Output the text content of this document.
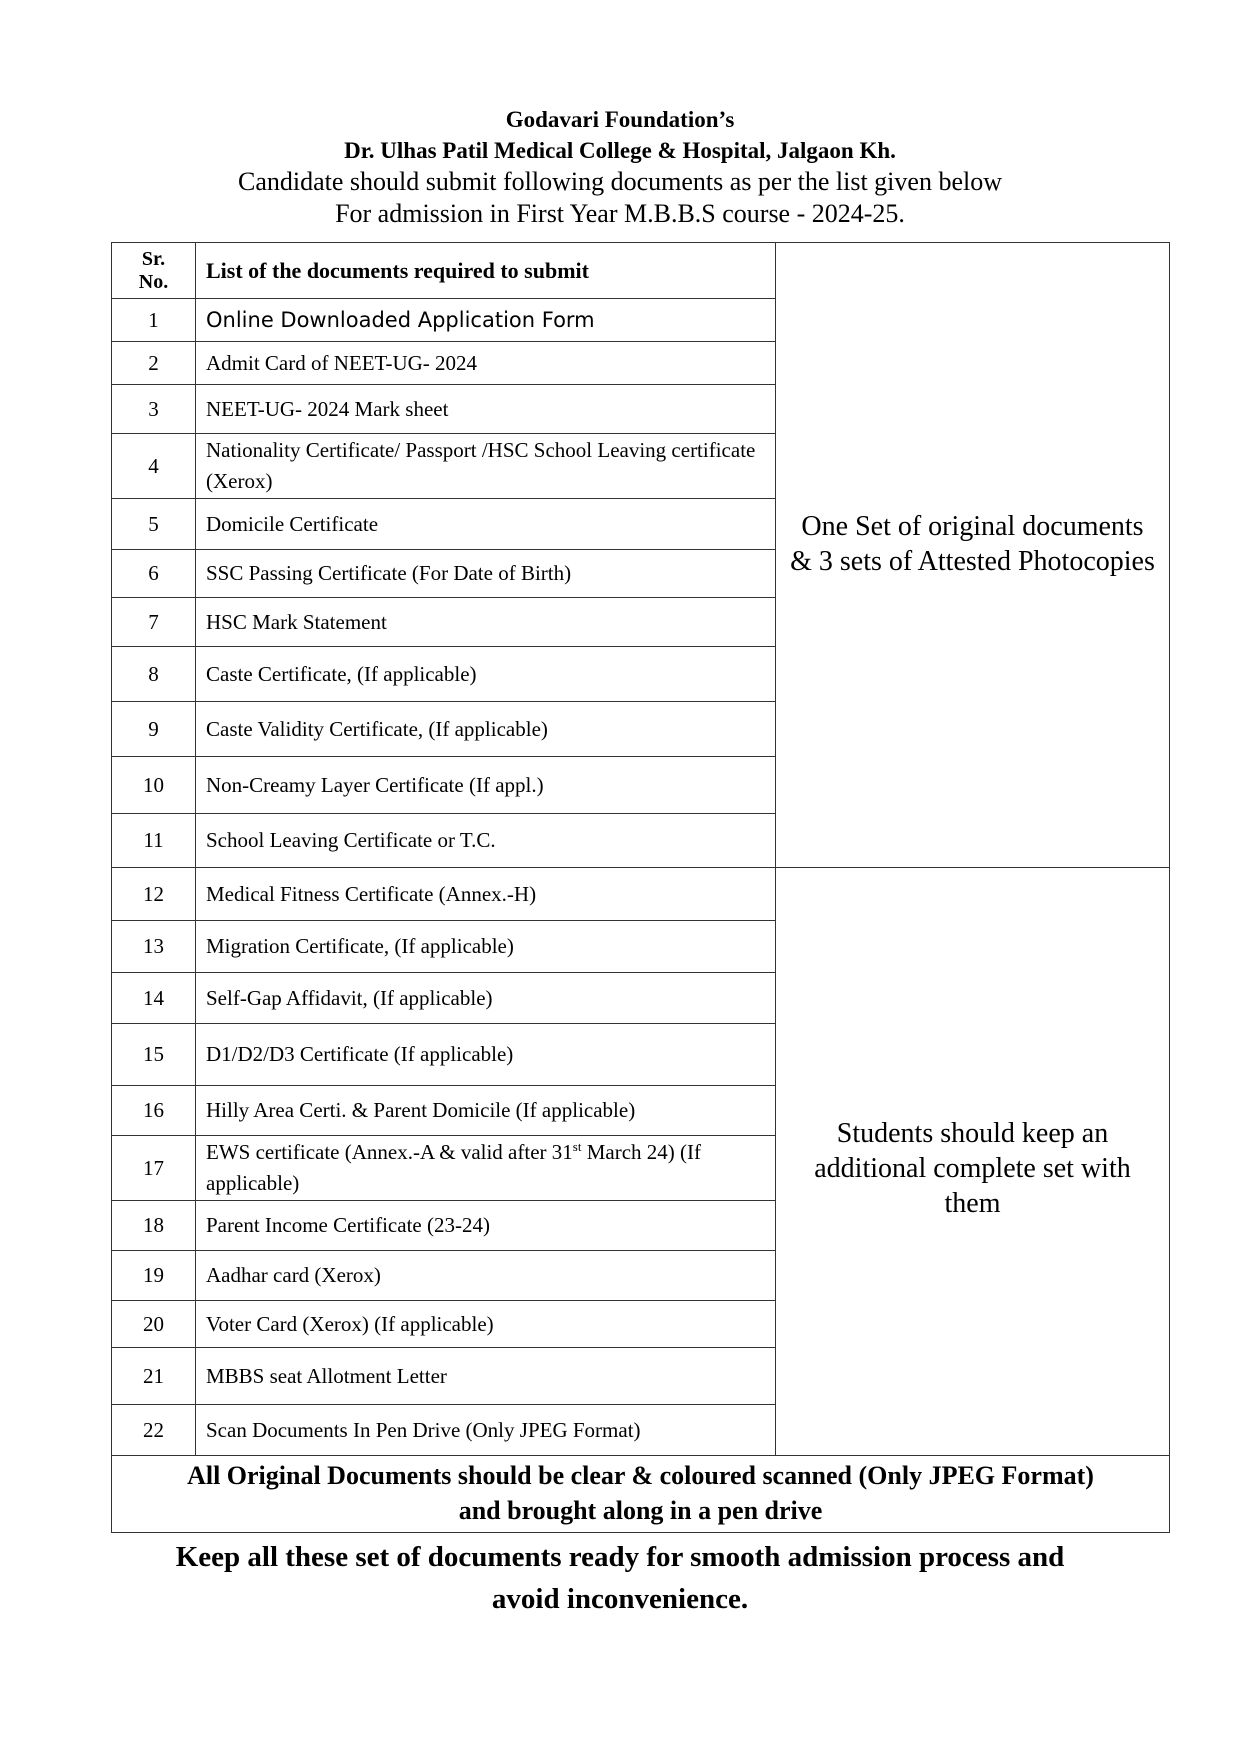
Godavari Foundation’s
Dr. Ulhas Patil Medical College & Hospital, Jalgaon Kh.
Candidate should submit following documents as per the list given below
For admission in First Year M.B.B.S course - 2024-25.
Sr.
No.	List of the documents required to submit	One Set of original documents & 3 sets of Attested Photocopies
1	Online Downloaded Application Form	
2	Admit Card of NEET-UG- 2024	
3	NEET-UG- 2024 Mark sheet	
4	Nationality Certificate/ Passport /HSC School Leaving certificate (Xerox)	
5	Domicile Certificate	
6	SSC Passing Certificate (For Date of Birth)	
7	HSC Mark Statement	
8	Caste Certificate, (If applicable)	
9	Caste Validity Certificate, (If applicable)	
10	Non-Creamy Layer Certificate (If appl.)	
11	School Leaving Certificate or T.C.	
12	Medical Fitness Certificate (Annex.-H)	Students should keep an additional complete set with them
13	Migration Certificate, (If applicable)	
14	Self-Gap Affidavit, (If applicable)	
15	D1/D2/D3 Certificate (If applicable)	
16	Hilly Area Certi. & Parent Domicile (If applicable)	
17	EWS certificate (Annex.-A & valid after 31st March 24) (If applicable)	
18	Parent Income Certificate (23-24)	
19	Aadhar card (Xerox)	
20	Voter Card (Xerox) (If applicable)	
21	MBBS seat Allotment Letter	
22	Scan Documents In Pen Drive (Only JPEG Format)	
All Original Documents should be clear & coloured scanned (Only JPEG Format)
and brought along in a pen drive		
Keep all these set of documents ready for smooth admission process and
avoid inconvenience.
